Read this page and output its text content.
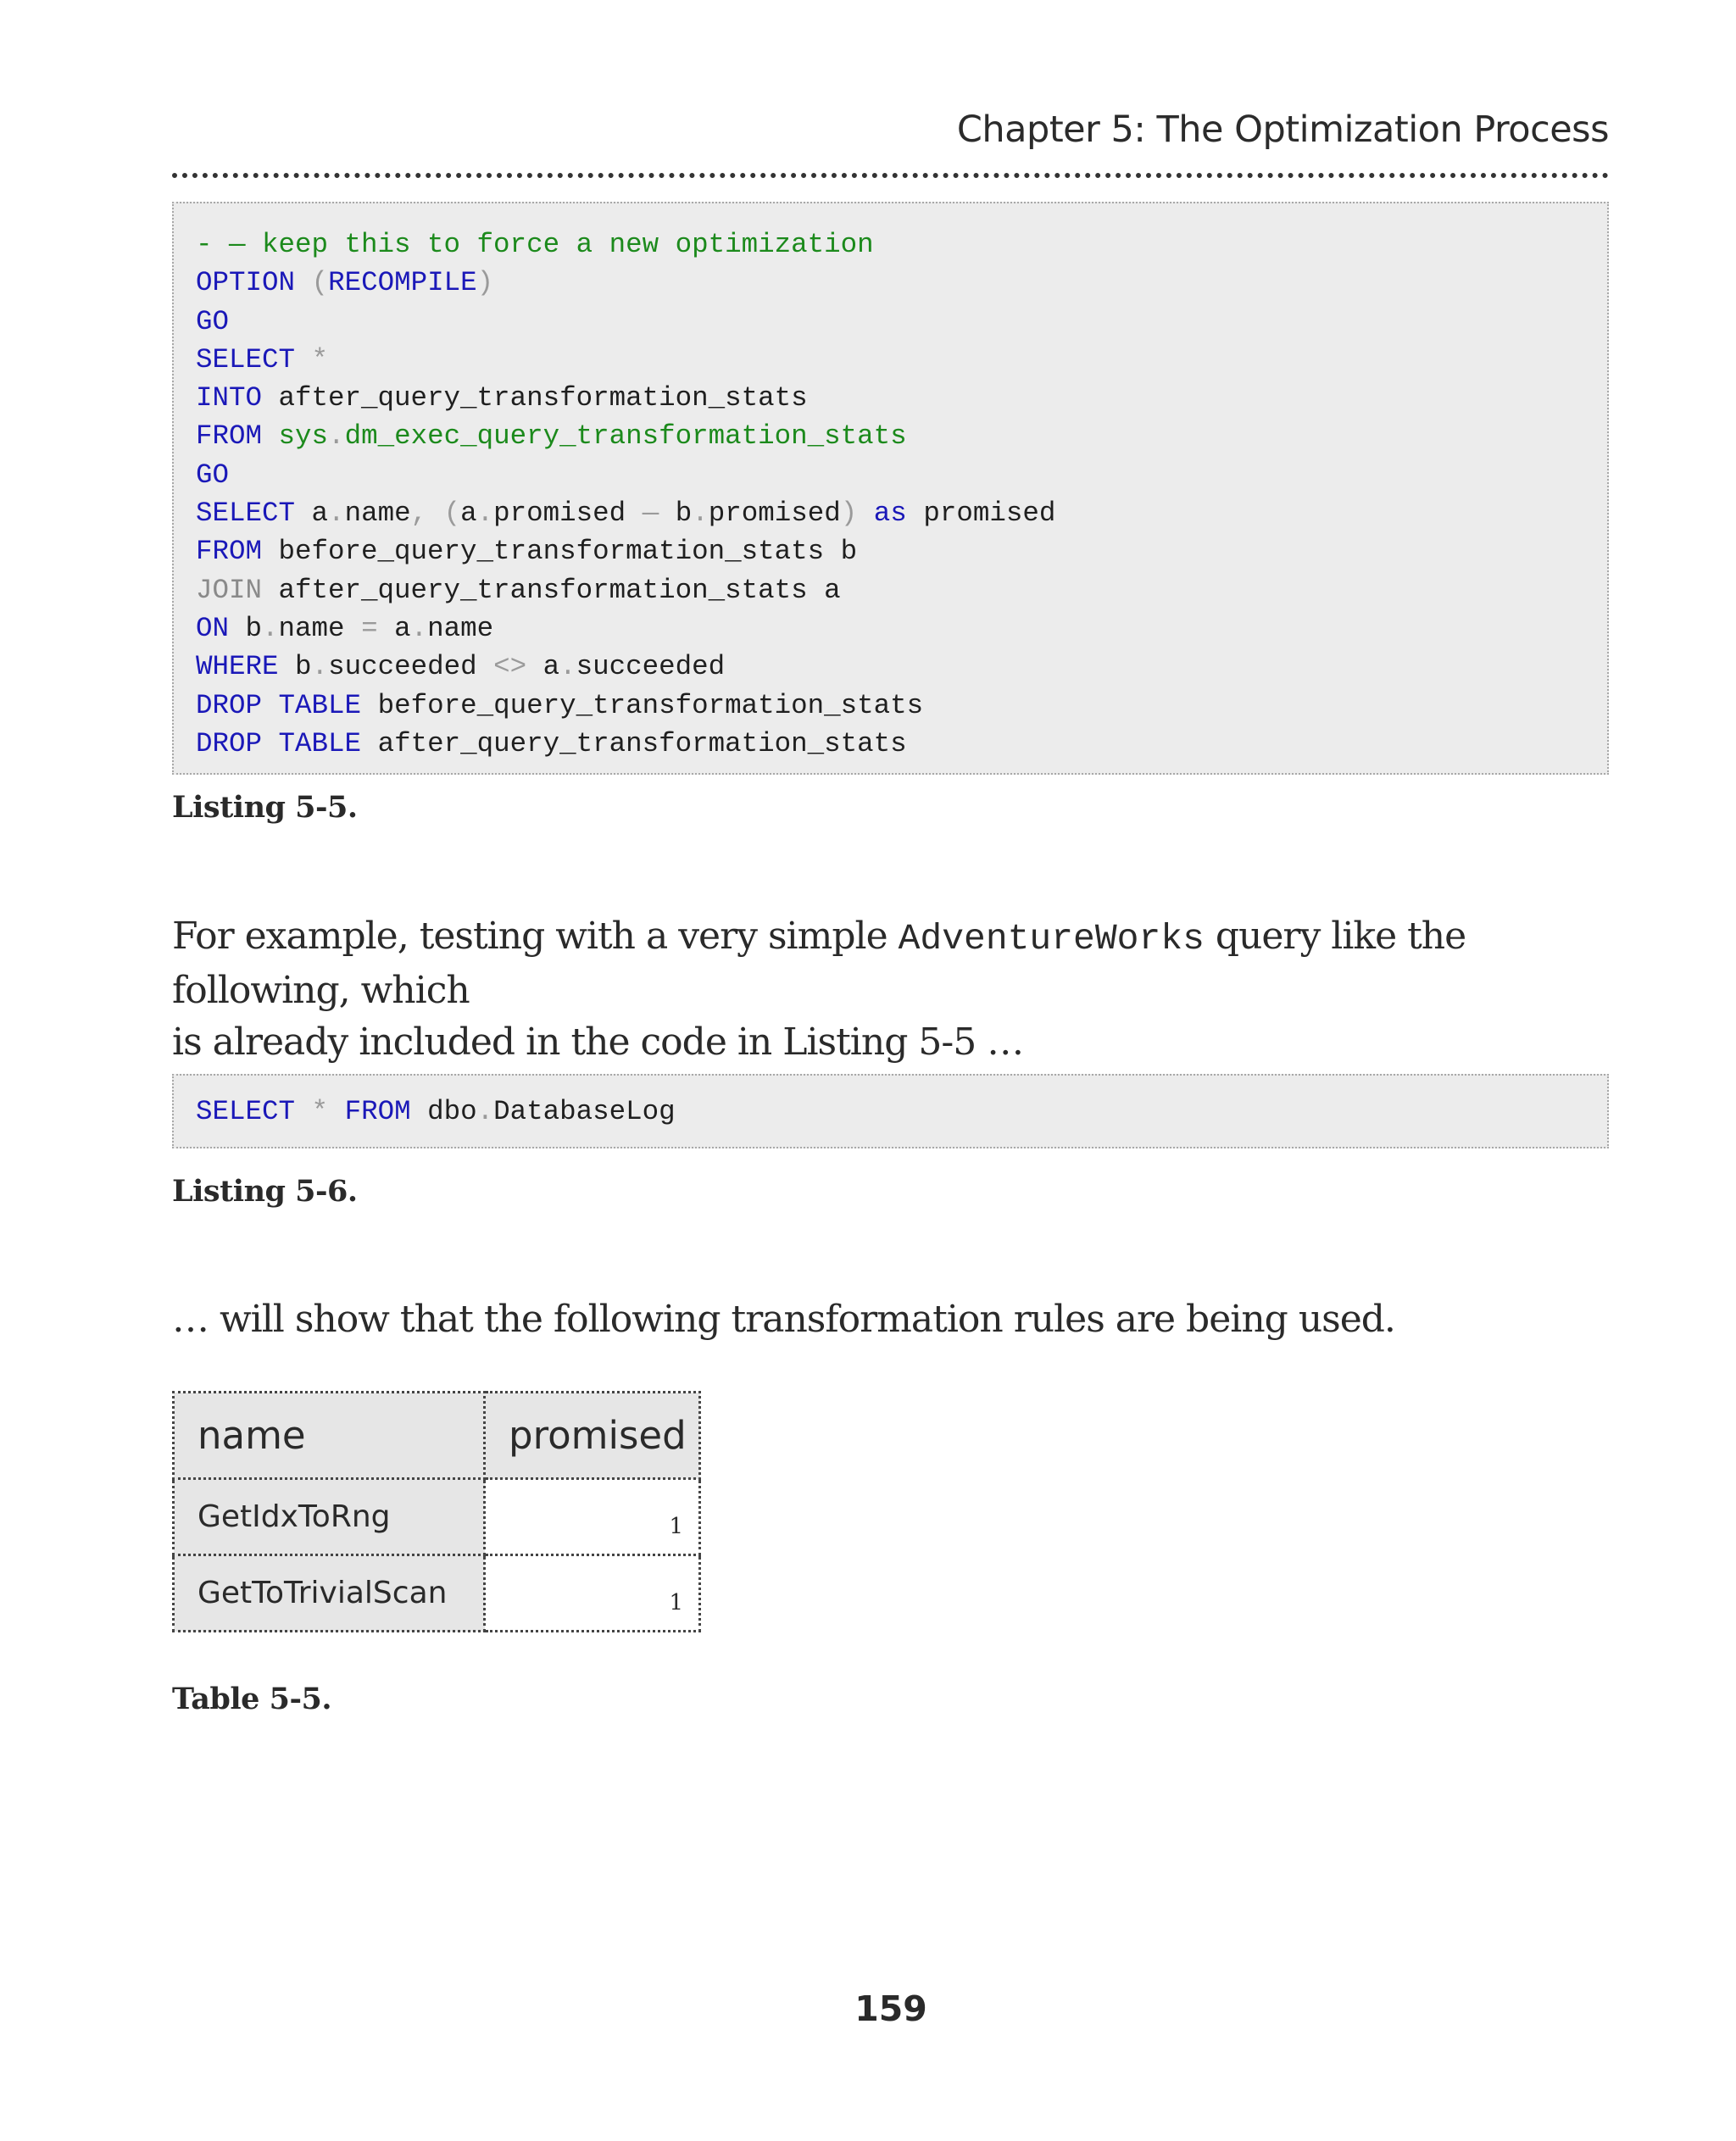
Chapter 5: The Optimization Process
- — keep this to force a new optimization
OPTION (RECOMPILE)
GO
SELECT *
INTO after_query_transformation_stats
FROM sys.dm_exec_query_transformation_stats
GO
SELECT a.name, (a.promised — b.promised) as promised
FROM before_query_transformation_stats b
JOIN after_query_transformation_stats a
ON b.name = a.name
WHERE b.succeeded <> a.succeeded
DROP TABLE before_query_transformation_stats
DROP TABLE after_query_transformation_stats
Listing 5-5.
For example, testing with a very simple AdventureWorks query like the following, which
is already included in the code in Listing 5-5 …
SELECT * FROM dbo.DatabaseLog
Listing 5-6.
… will show that the following transformation rules are being used.
name	promised
GetIdxToRng	1
GetToTrivialScan	1
Table 5-5.
159
